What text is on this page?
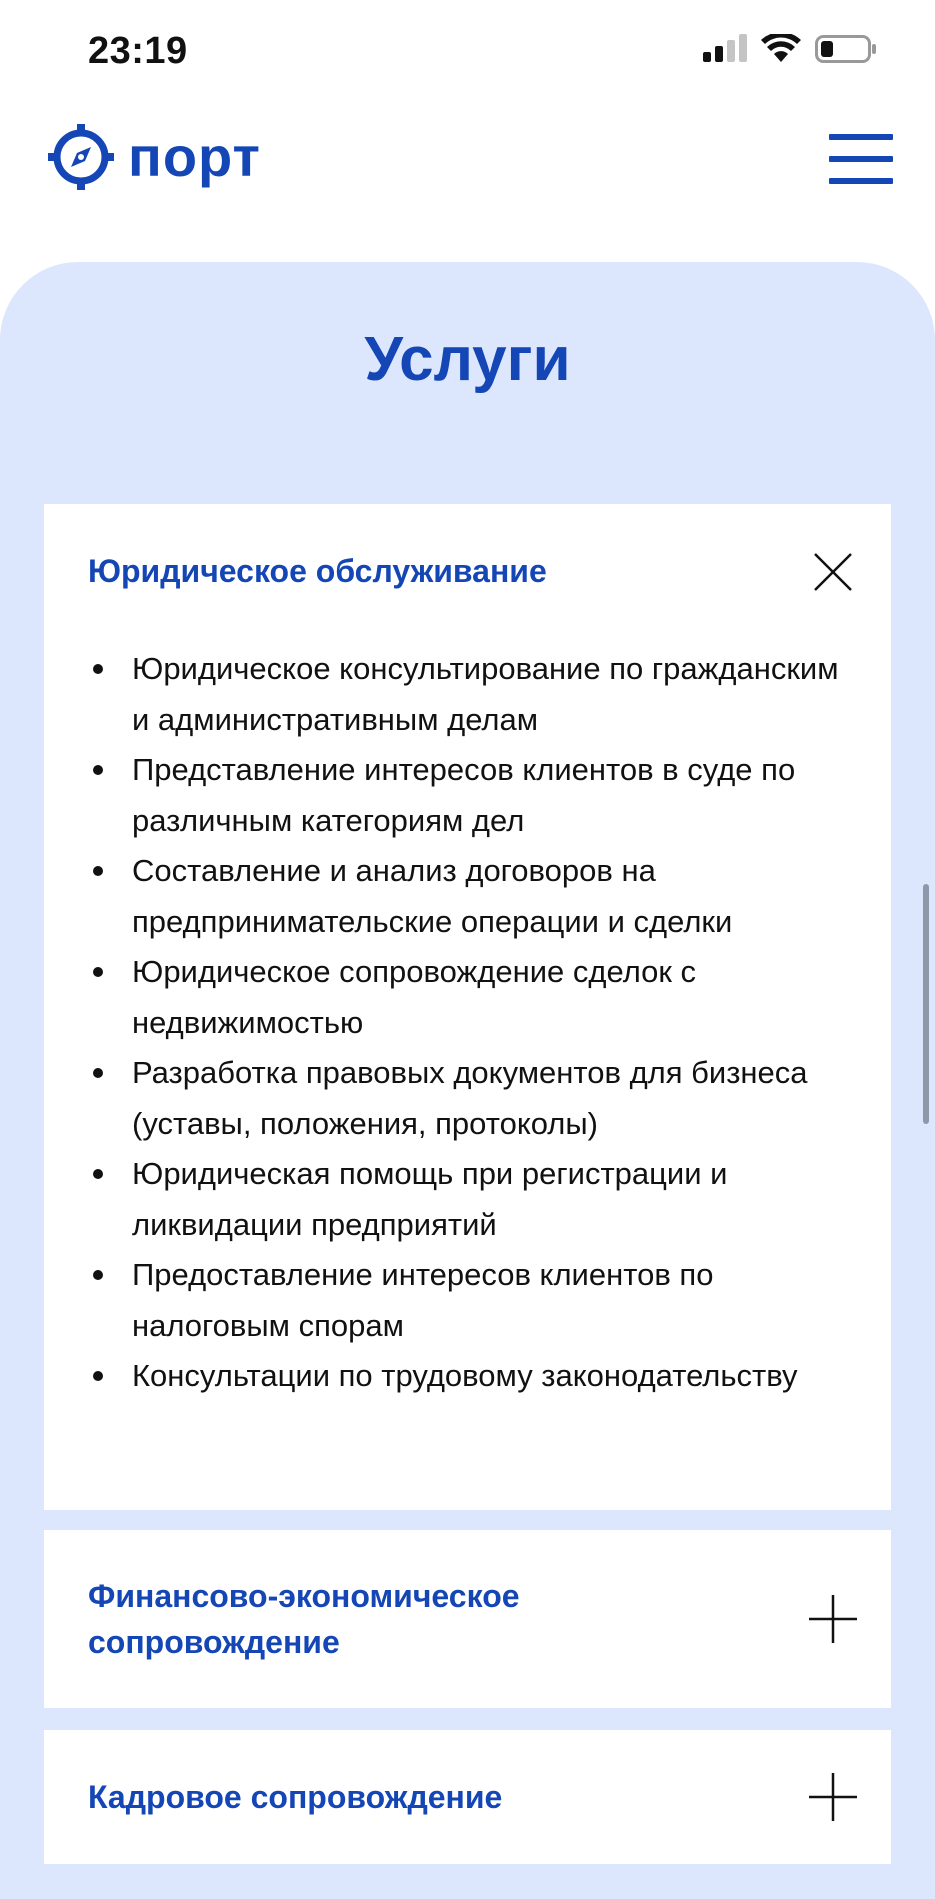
23:19
порт
Услуги
Юридическое обслуживание
Юридическое консультирование по гражданским и административным делам
Представление интересов клиентов в суде по различным категориям дел
Составление и анализ договоров на предпринимательские операции и сделки
Юридическое сопровождение сделок с недвижимостью
Разработка правовых документов для бизнеса (уставы, положения, протоколы)
Юридическая помощь при регистрации и ликвидации предприятий
Предоставление интересов клиентов по налоговым спорам
Консультации по трудовому законодательству
Финансово-экономическое сопровождение
Кадровое сопровождение
